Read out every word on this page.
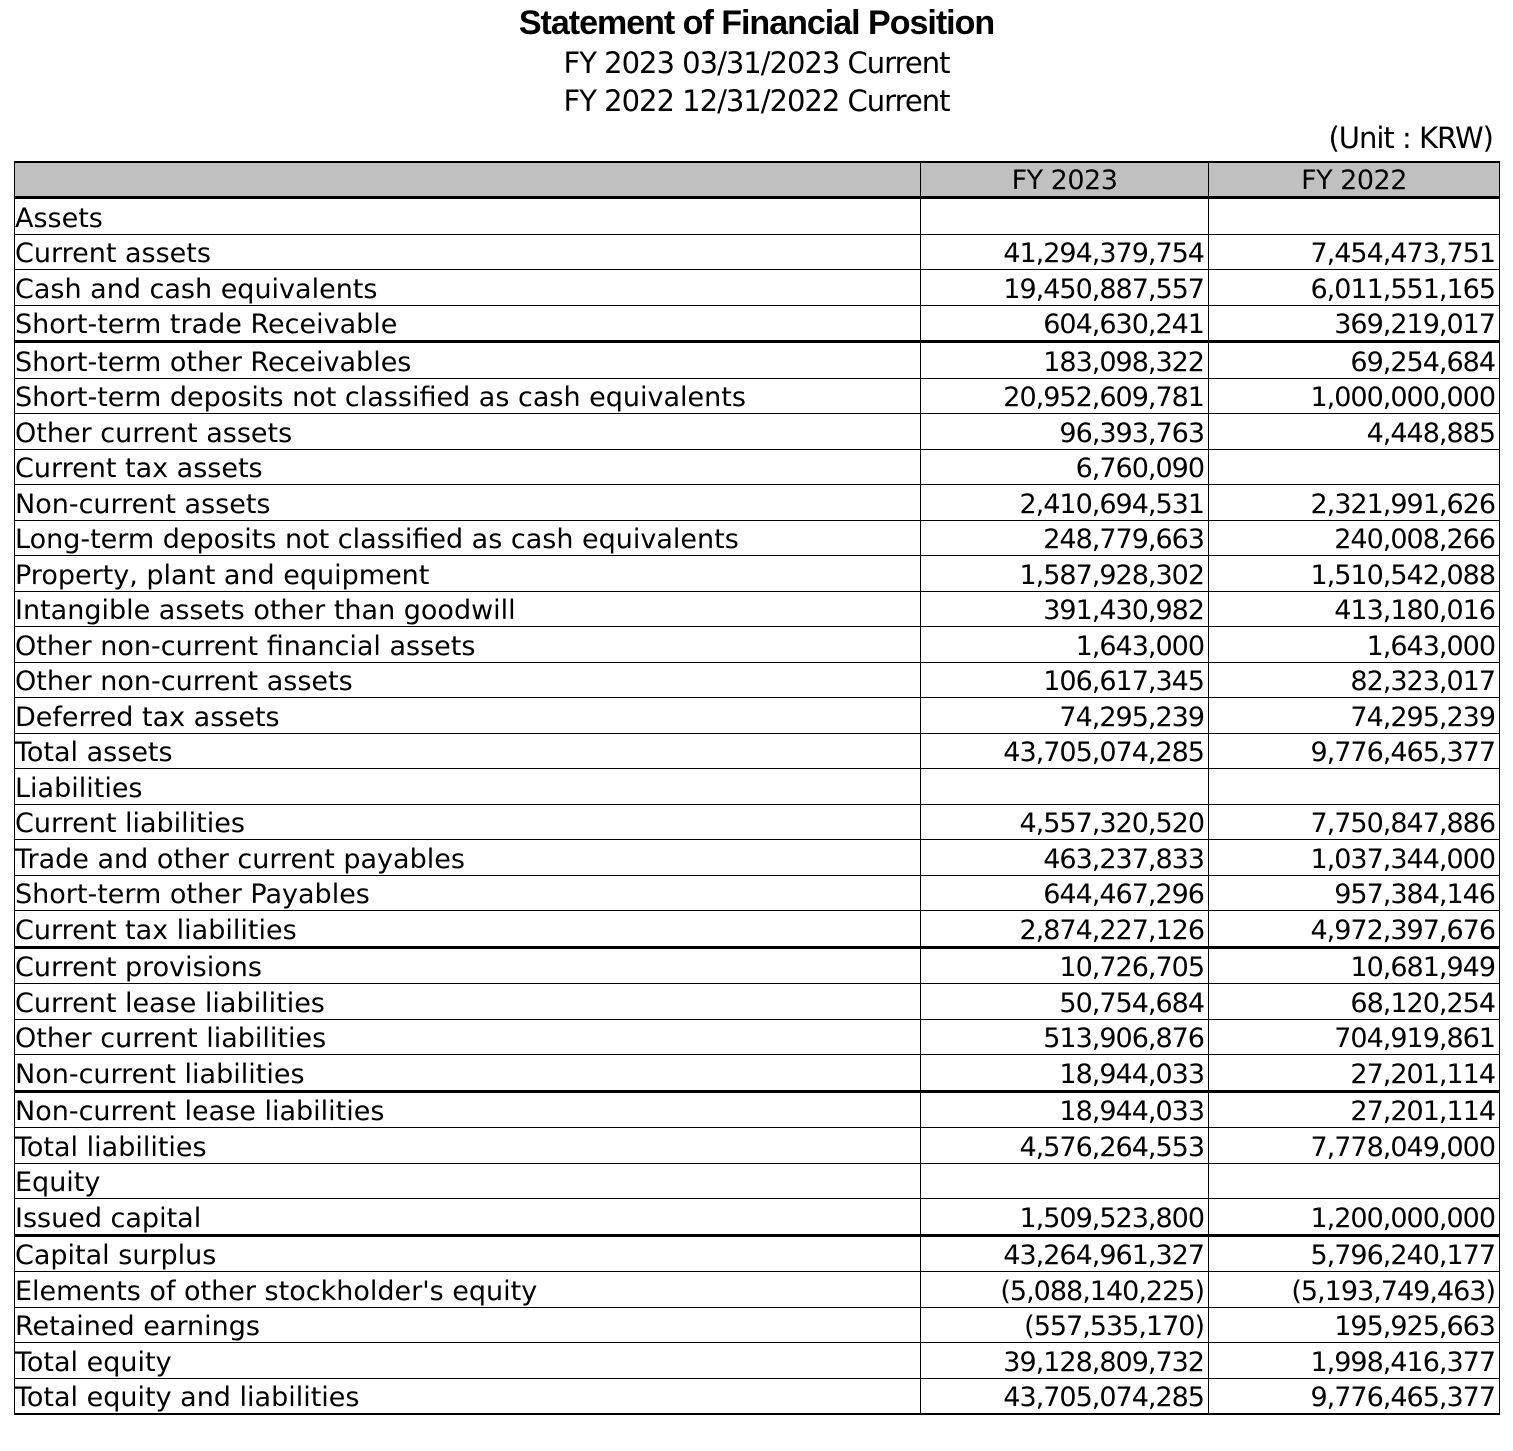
Statement of Financial Position
FY 2023 03/31/2023 Current
FY 2022 12/31/2022 Current
(Unit : KRW)
	FY 2023	FY 2022
Assets		
Current assets	41,294,379,754	7,454,473,751
Cash and cash equivalents	19,450,887,557	6,011,551,165
Short-term trade Receivable	604,630,241	369,219,017
Short-term other Receivables	183,098,322	69,254,684
Short-term deposits not classified as cash equivalents	20,952,609,781	1,000,000,000
Other current assets	96,393,763	4,448,885
Current tax assets	6,760,090	
Non-current assets	2,410,694,531	2,321,991,626
Long-term deposits not classified as cash equivalents	248,779,663	240,008,266
Property, plant and equipment	1,587,928,302	1,510,542,088
Intangible assets other than goodwill	391,430,982	413,180,016
Other non-current financial assets	1,643,000	1,643,000
Other non-current assets	106,617,345	82,323,017
Deferred tax assets	74,295,239	74,295,239
Total assets	43,705,074,285	9,776,465,377
Liabilities		
Current liabilities	4,557,320,520	7,750,847,886
Trade and other current payables	463,237,833	1,037,344,000
Short-term other Payables	644,467,296	957,384,146
Current tax liabilities	2,874,227,126	4,972,397,676
Current provisions	10,726,705	10,681,949
Current lease liabilities	50,754,684	68,120,254
Other current liabilities	513,906,876	704,919,861
Non-current liabilities	18,944,033	27,201,114
Non-current lease liabilities	18,944,033	27,201,114
Total liabilities	4,576,264,553	7,778,049,000
Equity		
Issued capital	1,509,523,800	1,200,000,000
Capital surplus	43,264,961,327	5,796,240,177
Elements of other stockholder's equity	(5,088,140,225)	(5,193,749,463)
Retained earnings	(557,535,170)	195,925,663
Total equity	39,128,809,732	1,998,416,377
Total equity and liabilities	43,705,074,285	9,776,465,377
